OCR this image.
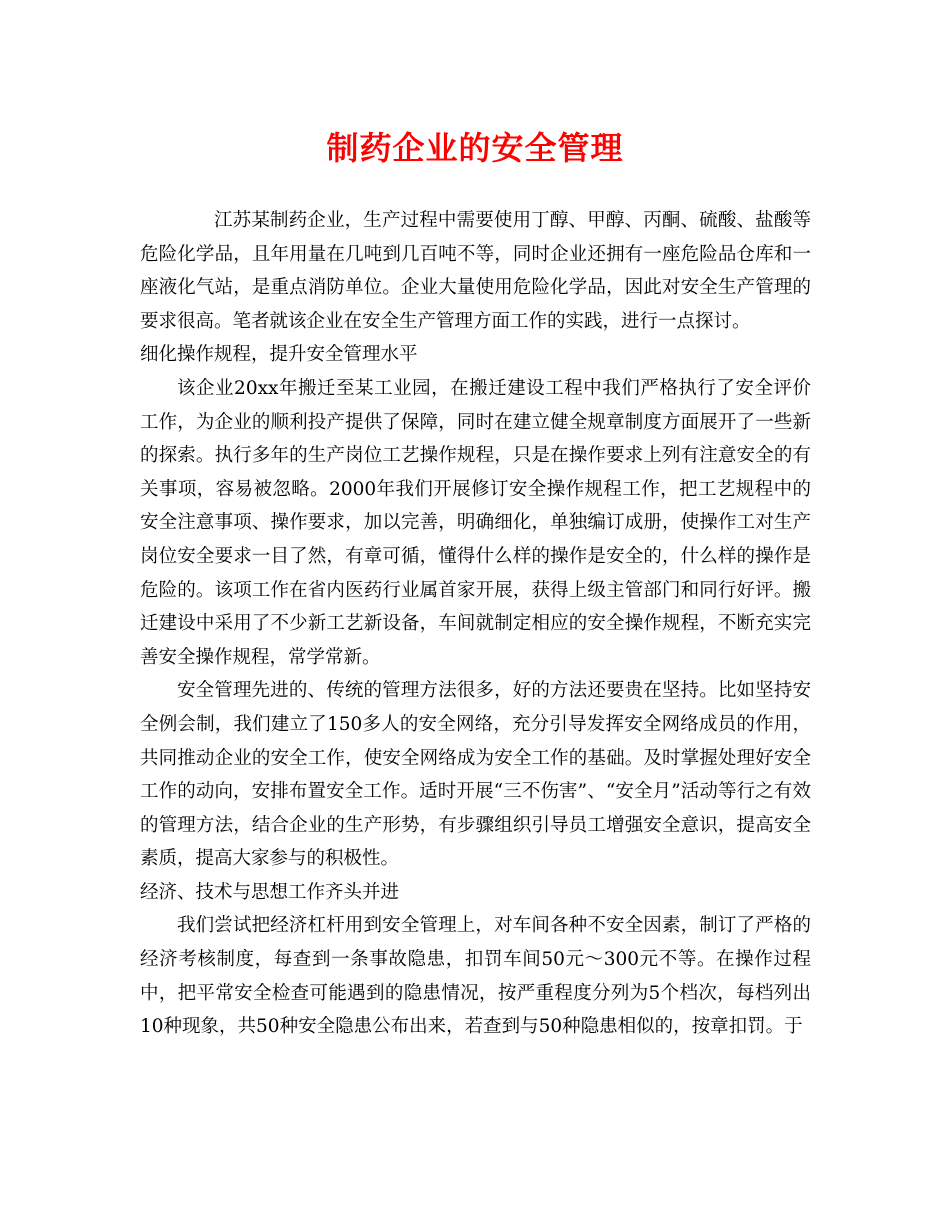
制药企业的安全管理

江苏某制药企业，生产过程中需要使用丁醇、甲醇、丙酮、硫酸、盐酸等危险化学品，且年用量在几吨到几百吨不等，同时企业还拥有一座危险品仓库和一座液化气站，是重点消防单位。企业大量使用危险化学品，因此对安全生产管理的要求很高。笔者就该企业在安全生产管理方面工作的实践，进行一点探讨。

细化操作规程，提升安全管理水平

该企业20xx年搬迁至某工业园，在搬迁建设工程中我们严格执行了安全评价工作，为企业的顺利投产提供了保障，同时在建立健全规章制度方面展开了一些新的探索。执行多年的生产岗位工艺操作规程，只是在操作要求上列有注意安全的有关事项，容易被忽略。2000年我们开展修订安全操作规程工作，把工艺规程中的安全注意事项、操作要求，加以完善，明确细化，单独编订成册，使操作工对生产岗位安全要求一目了然，有章可循，懂得什么样的操作是安全的，什么样的操作是危险的。该项工作在省内医药行业属首家开展，获得上级主管部门和同行好评。搬迁建设中采用了不少新工艺新设备，车间就制定相应的安全操作规程，不断充实完善安全操作规程，常学常新。

安全管理先进的、传统的管理方法很多，好的方法还要贵在坚持。比如坚持安全例会制，我们建立了150多人的安全网络，充分引导发挥安全网络成员的作用，共同推动企业的安全工作，使安全网络成为安全工作的基础。及时掌握处理好安全工作的动向，安排布置安全工作。适时开展“三不伤害”、“安全月”活动等行之有效的管理方法，结合企业的生产形势，有步骤组织引导员工增强安全意识，提高安全素质，提高大家参与的积极性。

经济、技术与思想工作齐头并进

我们尝试把经济杠杆用到安全管理上，对车间各种不安全因素，制订了严格的经济考核制度，每查到一条事故隐患，扣罚车间50元～300元不等。在操作过程中，把平常安全检查可能遇到的隐患情况，按严重程度分列为5个档次，每档列出10种现象，共50种安全隐患公布出来，若查到与50种隐患相似的，按章扣罚。于
